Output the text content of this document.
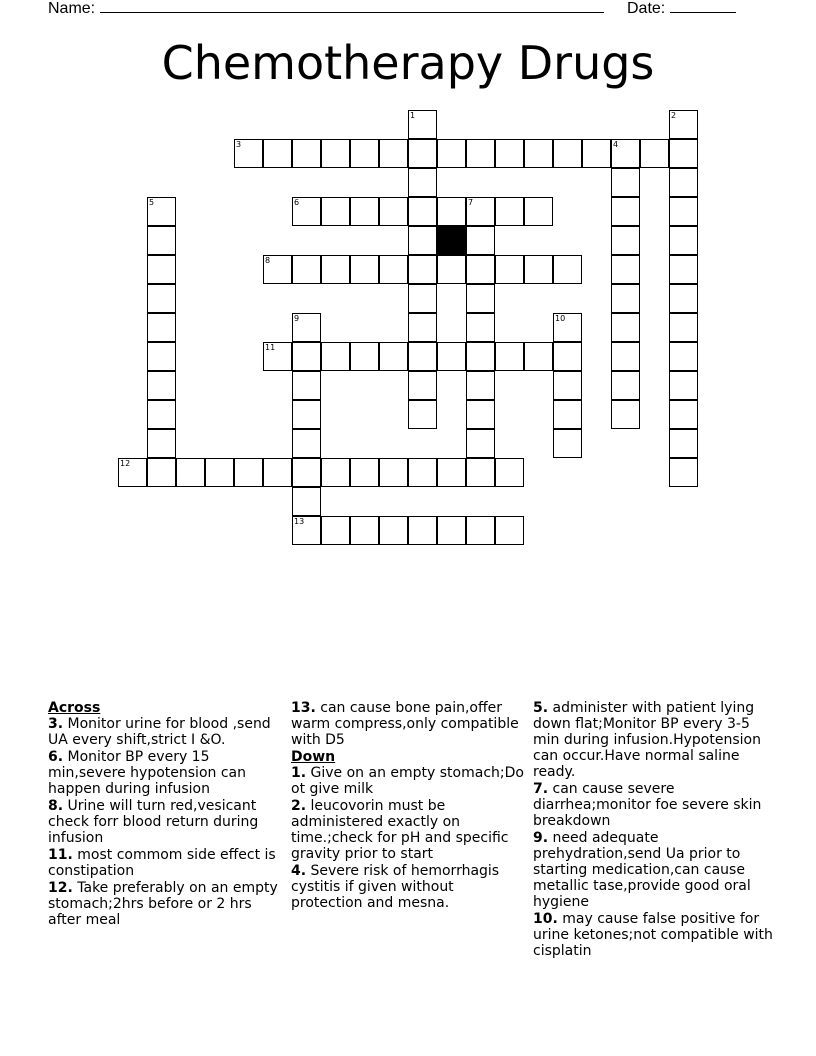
Name:	Date:
Chemotherapy Drugs
1	2
3	4
5	6	7
8
9
13
10
11
12
Across
3. Monitor urine for blood ,send UA every shift,strict I &O.
6. Monitor BP every 15 min,severe hypotension can happen during infusion
8. Urine will turn red,vesicant check forr blood return during infusion
11. most commom side effect is constipation
12. Take preferably on an empty stomach;2hrs before or 2 hrs after meal
13. can cause bone pain,offer warm compress,only compatible with D5
Down
1. Give on an empty stomach;Do ot give milk
2. leucovorin must be administered exactly on time.;check for pH and specific gravity prior to start
4. Severe risk of hemorrhagis cystitis if given without protection and mesna.
5. administer with patient lying down flat;Monitor BP every 3-5 min during infusion.Hypotension can occur.Have normal saline ready.
7. can cause severe diarrhea;monitor foe severe skin breakdown
9. need adequate prehydration,send Ua prior to starting medication,can cause metallic tase,provide good oral hygiene
10. may cause false positive for urine ketones;not compatible with cisplatin
